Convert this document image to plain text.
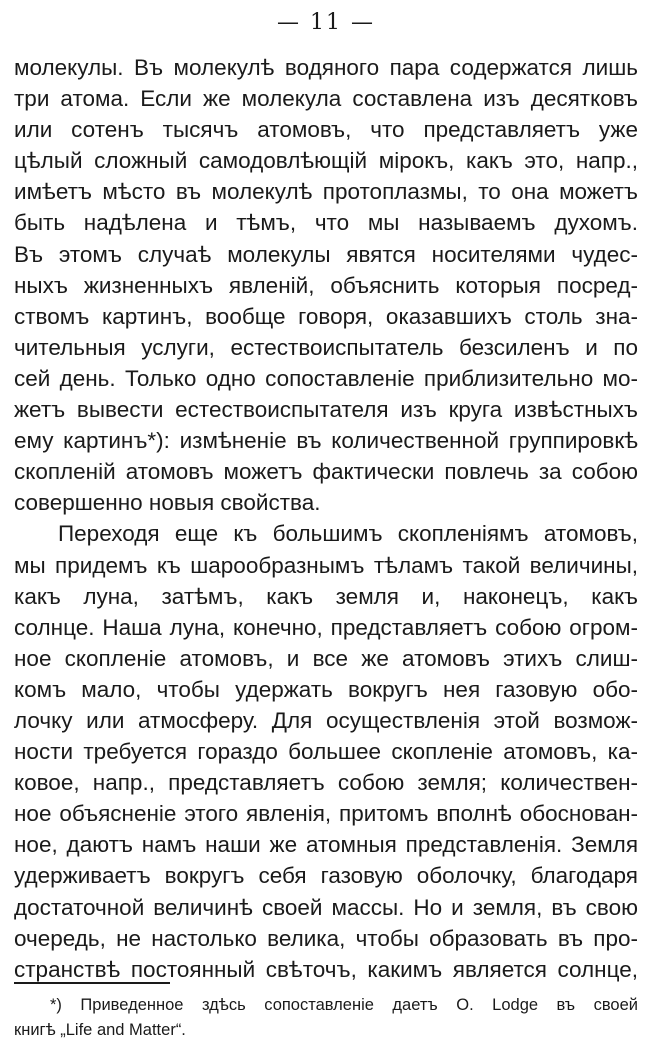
— 11 —
молекулы. Въ молекулѣ водяного пара содержатся лишь
три атома. Если же молекула составлена изъ десятковъ
или сотенъ тысячъ атомовъ, что представляетъ уже
цѣлый сложный самодовлѣющій мірокъ, какъ это, напр.,
имѣетъ мѣсто въ молекулѣ протоплазмы, то она можетъ
быть надѣлена и тѣмъ, что мы называемъ духомъ.
Въ этомъ случаѣ молекулы явятся носителями чудес-
ныхъ жизненныхъ явленій, объяснить которыя посред-
ствомъ картинъ, вообще говоря, оказавшихъ столь зна-
чительныя услуги, естествоиспытатель безсиленъ и по
сей день. Только одно сопоставленіе приблизительно мо-
жетъ вывести естествоиспытателя изъ круга извѣстныхъ
ему картинъ*): измѣненіе въ количественной группировкѣ
скопленій атомовъ можетъ фактически повлечь за собою
совершенно новыя свойства.
Переходя еще къ большимъ скопленіямъ атомовъ,
мы придемъ къ шарообразнымъ тѣламъ такой величины,
какъ луна, затѣмъ, какъ земля и, наконецъ, какъ
солнце. Наша луна, конечно, представляетъ собою огром-
ное скопленіе атомовъ, и все же атомовъ этихъ слиш-
комъ мало, чтобы удержать вокругъ нея газовую обо-
лочку или атмосферу. Для осуществленія этой возмож-
ности требуется гораздо большее скопленіе атомовъ, ка-
ковое, напр., представляетъ собою земля; количествен-
ное объясненіе этого явленія, притомъ вполнѣ обоснован-
ное, даютъ намъ наши же атомныя представленія. Земля
удерживаетъ вокругъ себя газовую оболочку, благодаря
достаточной величинѣ своей массы. Но и земля, въ свою
очередь, не настолько велика, чтобы образовать въ про-
странствѣ постоянный свѣточъ, какимъ является солнце,
*) Приведенное здѣсь сопоставленіе даетъ O. Lodge въ своей
книгѣ „Life and Matter“.
